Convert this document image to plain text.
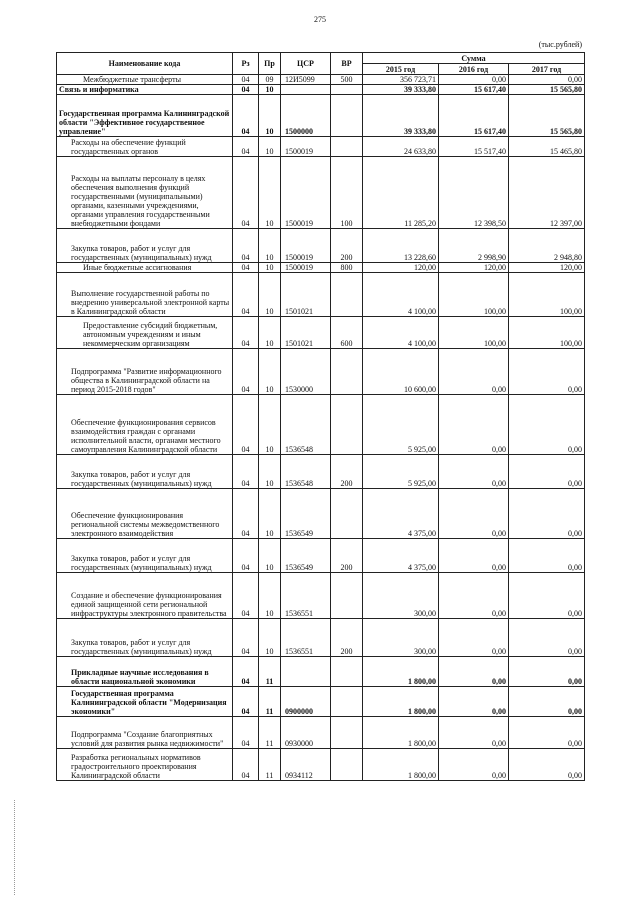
275
(тыс.рублей)
Наименование кода	Рз	Пр	ЦСР	ВР	Сумма		
					2015 год	2016 год	2017 год
Межбюджетные трансферты	04	09	12И5099	500	356 723,71	0,00	0,00
Связь и информатика	04	10			39 333,80	15 617,40	15 565,80
Государственная программа Калининградской области "Эффективное государственное управление"	04	10	1500000		39 333,80	15 617,40	15 565,80
Расходы на обеспечение функций государственных органов	04	10	1500019		24 633,80	15 517,40	15 465,80
Расходы на выплаты персоналу в целях обеспечения выполнения функций государственными (муниципальными) органами, казенными учреждениями, органами управления государственными внебюджетными фондами	04	10	1500019	100	11 285,20	12 398,50	12 397,00
Закупка товаров, работ и услуг для государственных (муниципальных) нужд	04	10	1500019	200	13 228,60	2 998,90	2 948,80
Иные бюджетные ассигнования	04	10	1500019	800	120,00	120,00	120,00
Выполнение государственной работы по внедрению универсальной электронной карты в Калининградской области	04	10	1501021		4 100,00	100,00	100,00
Предоставление субсидий бюджетным, автономным учреждениям и иным некоммерческим организациям	04	10	1501021	600	4 100,00	100,00	100,00
Подпрограмма "Развитие информационного общества в Калининградской области на период 2015-2018 годов"	04	10	1530000		10 600,00	0,00	0,00
Обеспечение функционирования сервисов взаимодействия граждан с органами исполнительной власти, органами местного самоуправления Калининградской области	04	10	1536548		5 925,00	0,00	0,00
Закупка товаров, работ и услуг для государственных (муниципальных) нужд	04	10	1536548	200	5 925,00	0,00	0,00
Обеспечение функционирования региональной системы межведомственного электронного взаимодействия	04	10	1536549		4 375,00	0,00	0,00
Закупка товаров, работ и услуг для государственных (муниципальных) нужд	04	10	1536549	200	4 375,00	0,00	0,00
Создание и обеспечение функционирования единой защищенной сети региональной инфраструктуры электронного правительства	04	10	1536551		300,00	0,00	0,00
Закупка товаров, работ и услуг для государственных (муниципальных) нужд	04	10	1536551	200	300,00	0,00	0,00
Прикладные научные исследования в области национальной экономики	04	11			1 800,00	0,00	0,00
Государственная программа Калининградской области "Модернизация экономики"	04	11	0900000		1 800,00	0,00	0,00
Подпрограмма "Создание благоприятных условий для развития рынка недвижимости"	04	11	0930000		1 800,00	0,00	0,00
Разработка региональных нормативов градостроительного проектирования Калининградской области	04	11	0934112		1 800,00	0,00	0,00
